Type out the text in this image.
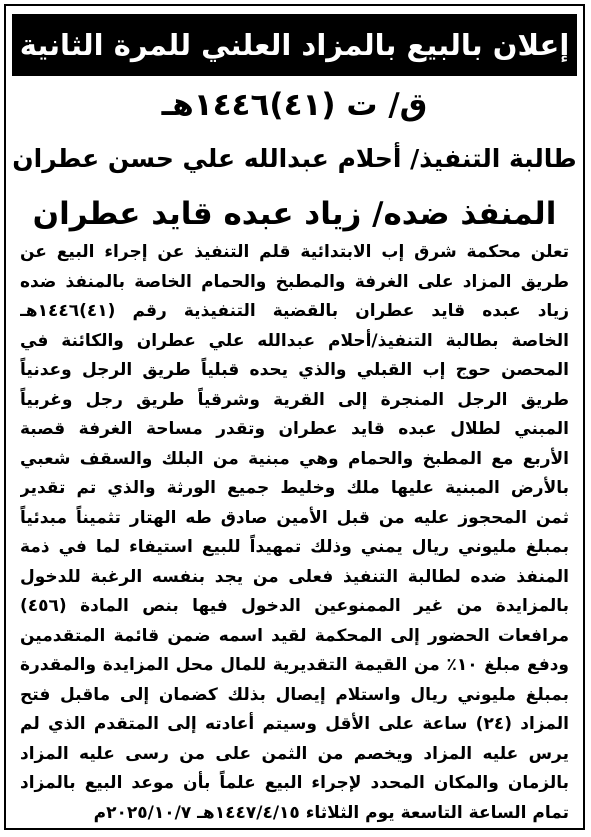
إعلان بالبيع بالمزاد العلني للمرة الثانية
ق/ ت (٤١)١٤٤٦هـ
طالبة التنفيذ/ أحلام عبدالله علي حسن عطران
المنفذ ضده/ زياد عبده قايد عطران
تعلن محكمة شرق إب الابتدائية قلم التنفيذ عن إجراء البيع عن
طريق المزاد على الغرفة والمطبخ والحمام الخاصة بالمنفذ ضده
زياد عبده قايد عطران بالقضية التنفيذية رقم (٤١)١٤٤٦هـ
الخاصة بطالبة التنفيذ/أحلام عبدالله علي عطران والكائنة في
المحصن حوج إب القبلي والذي يحده قبلياً طريق الرجل وعدنياً
طريق الرجل المنجرة إلى القرية وشرقياً طريق رجل وغربياً
المبني لطلال عبده قايد عطران وتقدر مساحة الغرفة قصبة
الأربع مع المطبخ والحمام وهي مبنية من البلك والسقف شعبي
بالأرض المبنية عليها ملك وخليط جميع الورثة والذي تم تقدير
ثمن المحجوز عليه من قبل الأمين صادق طه الهتار تثميناً مبدئياً
بمبلغ مليوني ريال يمني وذلك تمهيداً للبيع استيفاء لما في ذمة
المنفذ ضده لطالبة التنفيذ فعلى من يجد بنفسه الرغبة للدخول
بالمزايدة من غير الممنوعين الدخول فيها بنص المادة (٤٥٦)
مرافعات الحضور إلى المحكمة لقيد اسمه ضمن قائمة المتقدمين
ودفع مبلغ ١٠٪ من القيمة التقديرية للمال محل المزايدة والمقدرة
بمبلغ مليوني ريال واستلام إيصال بذلك كضمان إلى ماقبل فتح
المزاد (٢٤) ساعة على الأقل وسيتم أعادته إلى المتقدم الذي لم
يرس عليه المزاد ويخصم من الثمن على من رسى عليه المزاد
بالزمان والمكان المحدد لإجراء البيع علماً بأن موعد البيع بالمزاد
تمام الساعة التاسعة يوم الثلاثاء ١٤٤٧/٤/١٥هـ ٢٠٢٥/١٠/٧م
